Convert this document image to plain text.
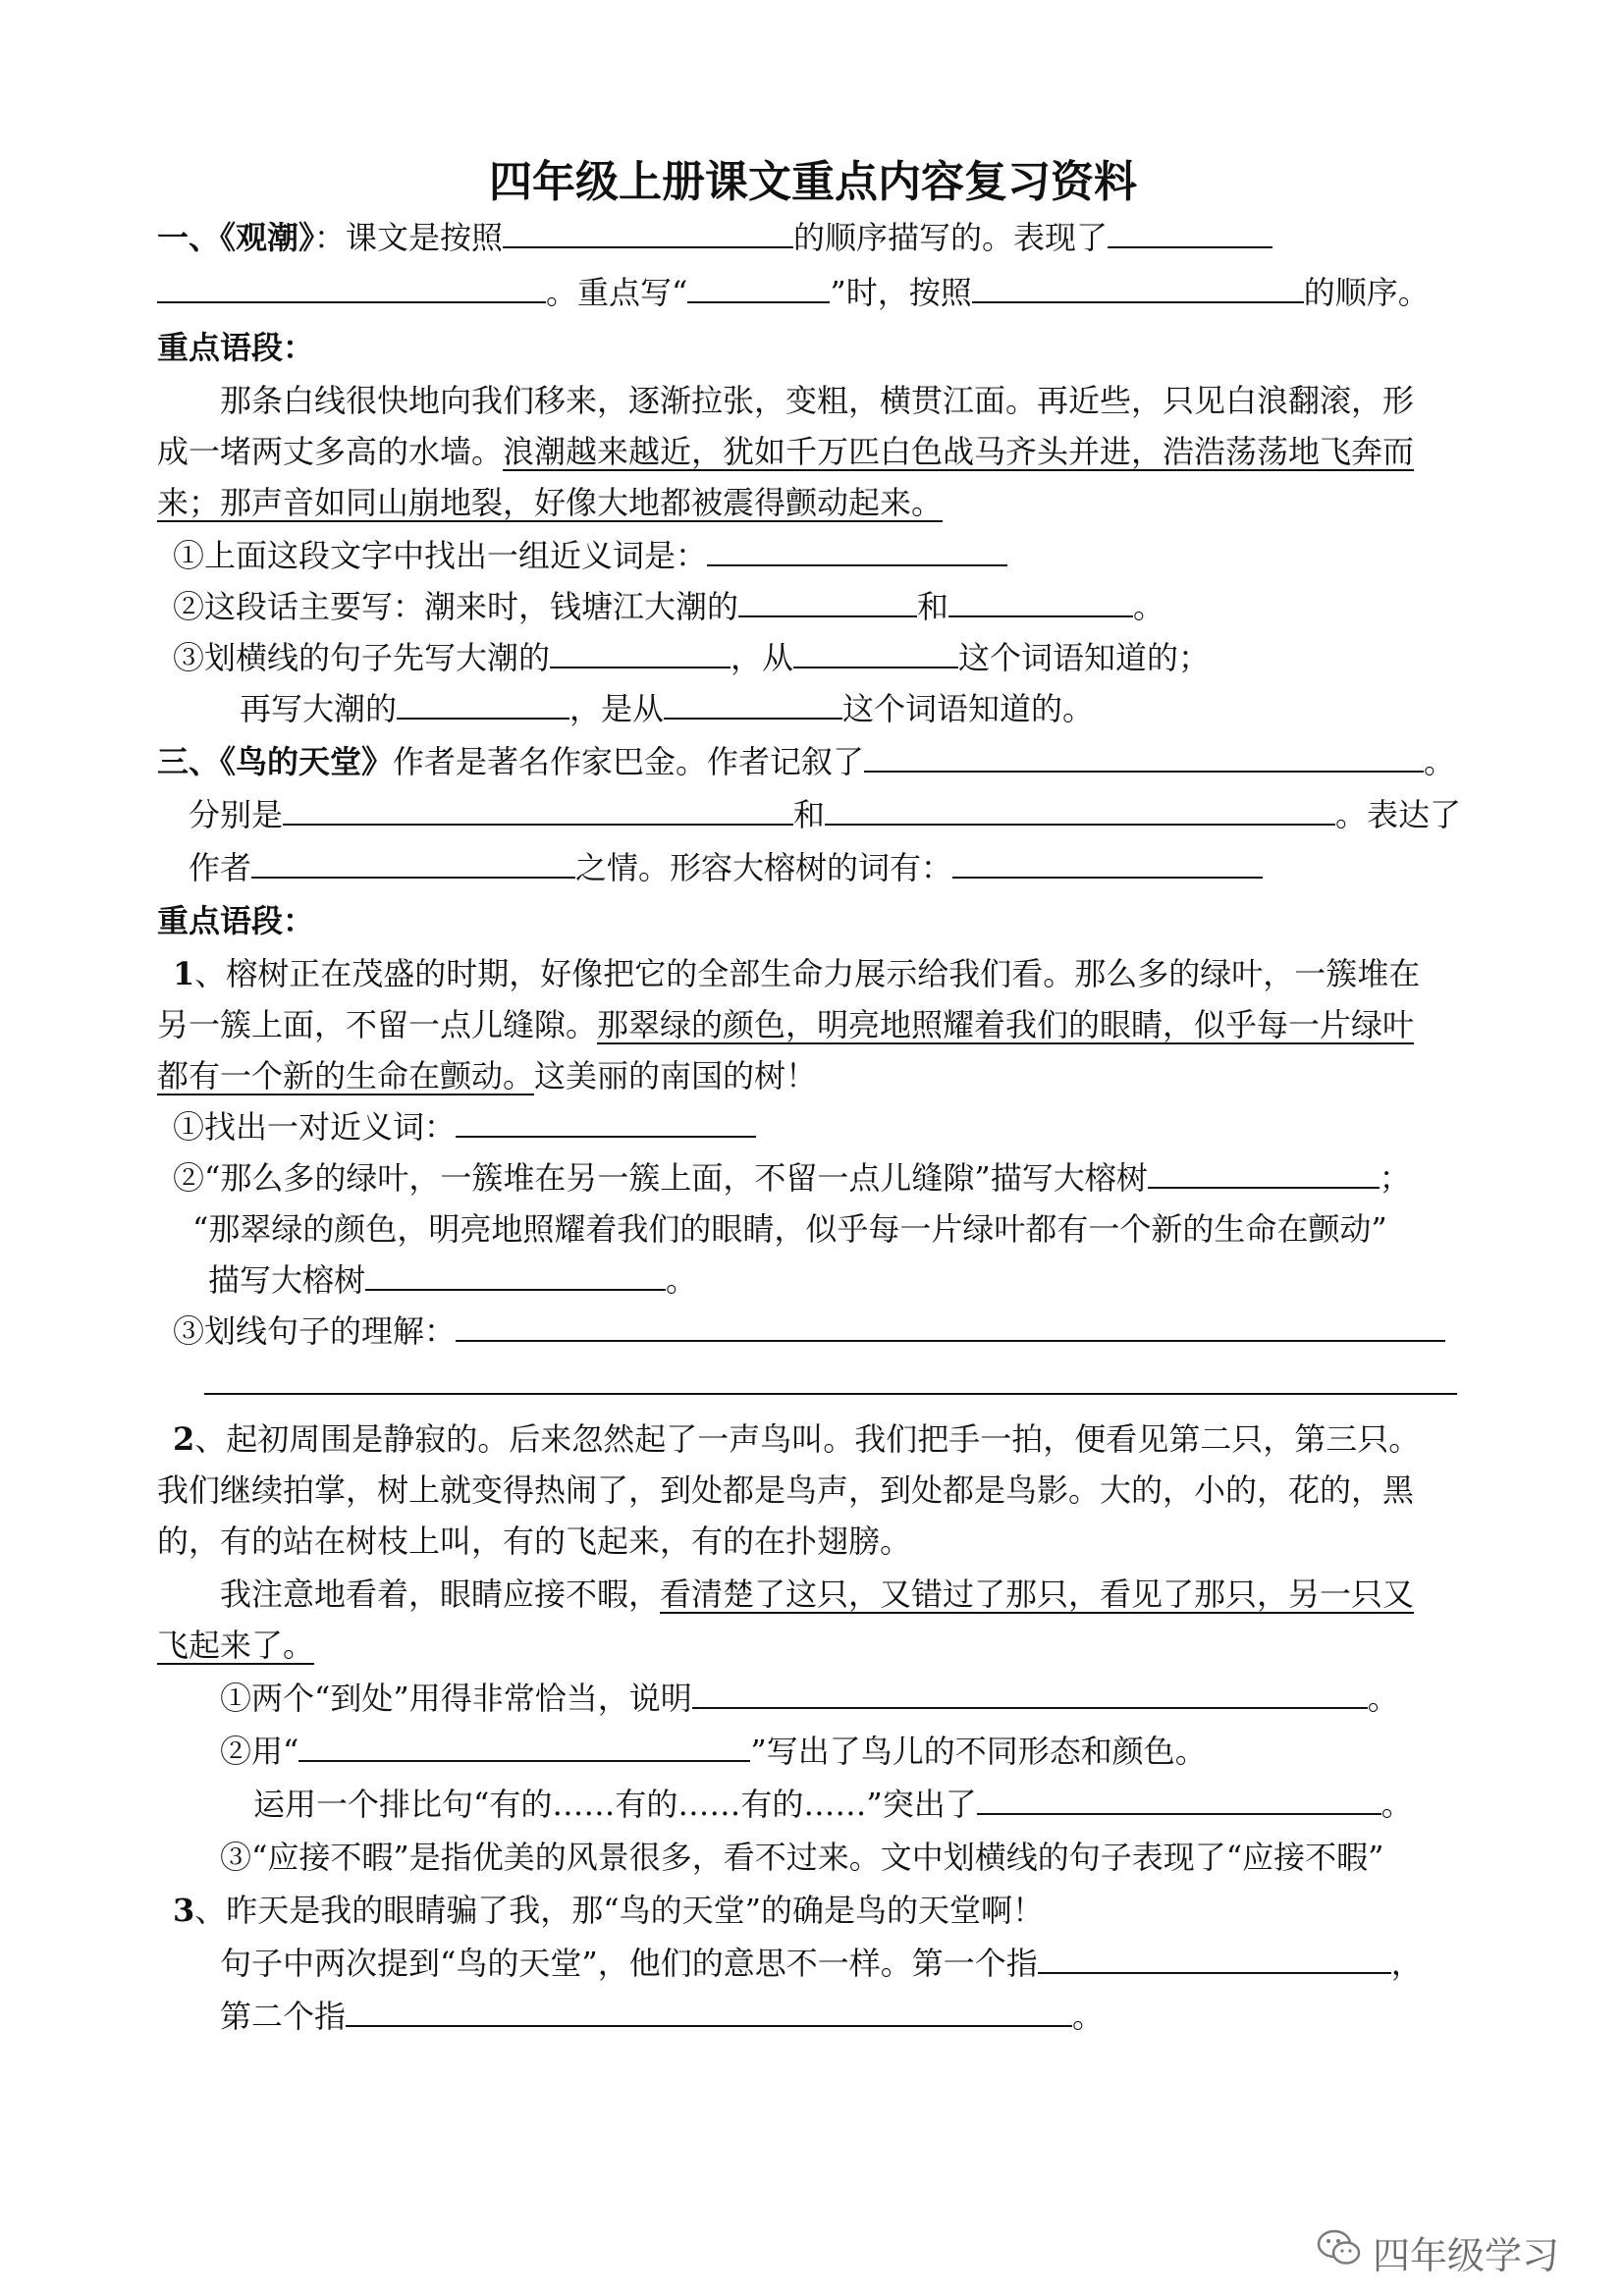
四年级上册课文重点内容复习资料
一、《观潮》：课文是按照	的顺序描写的。表现了
。重点写“	”时，按照	的顺序。
重点语段：
那条白线很快地向我们移来，逐渐拉张，变粗，横贯江面。再近些，只见白浪翻滚，形
成一堵两丈多高的水墙。浪潮越来越近，犹如千万匹白色战马齐头并进，浩浩荡荡地飞奔而
来；那声音如同山崩地裂，好像大地都被震得颤动起来。
①上面这段文字中找出一组近义词是：
②这段话主要写：潮来时，钱塘江大潮的	和	。
③划横线的句子先写大潮的	，从	这个词语知道的；
再写大潮的	，是从	这个词语知道的。
三、《鸟的天堂》作者是著名作家巴金。作者记叙了	。
分别是	和	。表达了
作者	之情。形容大榕树的词有：
重点语段：
1、榕树正在茂盛的时期，好像把它的全部生命力展示给我们看。那么多的绿叶，一簇堆在
另一簇上面，不留一点儿缝隙。那翠绿的颜色，明亮地照耀着我们的眼睛，似乎每一片绿叶
都有一个新的生命在颤动。这美丽的南国的树！
①找出一对近义词：
②“那么多的绿叶，一簇堆在另一簇上面，不留一点儿缝隙”描写大榕树	；
“那翠绿的颜色，明亮地照耀着我们的眼睛，似乎每一片绿叶都有一个新的生命在颤动”
描写大榕树	。
③划线句子的理解：
2、起初周围是静寂的。后来忽然起了一声鸟叫。我们把手一拍，便看见第二只，第三只。
我们继续拍掌，树上就变得热闹了，到处都是鸟声，到处都是鸟影。大的，小的，花的，黑
的，有的站在树枝上叫，有的飞起来，有的在扑翅膀。
我注意地看着，眼睛应接不暇，看清楚了这只，又错过了那只，看见了那只，另一只又
飞起来了。
①两个“到处”用得非常恰当，说明	。
②用“	”写出了鸟儿的不同形态和颜色。
运用一个排比句“有的……有的……有的……”突出了	。
③“应接不暇”是指优美的风景很多，看不过来。文中划横线的句子表现了“应接不暇”
3、昨天是我的眼睛骗了我，那“鸟的天堂”的确是鸟的天堂啊！
句子中两次提到“鸟的天堂”，他们的意思不一样。第一个指	，
第二个指	。
四年级学习
